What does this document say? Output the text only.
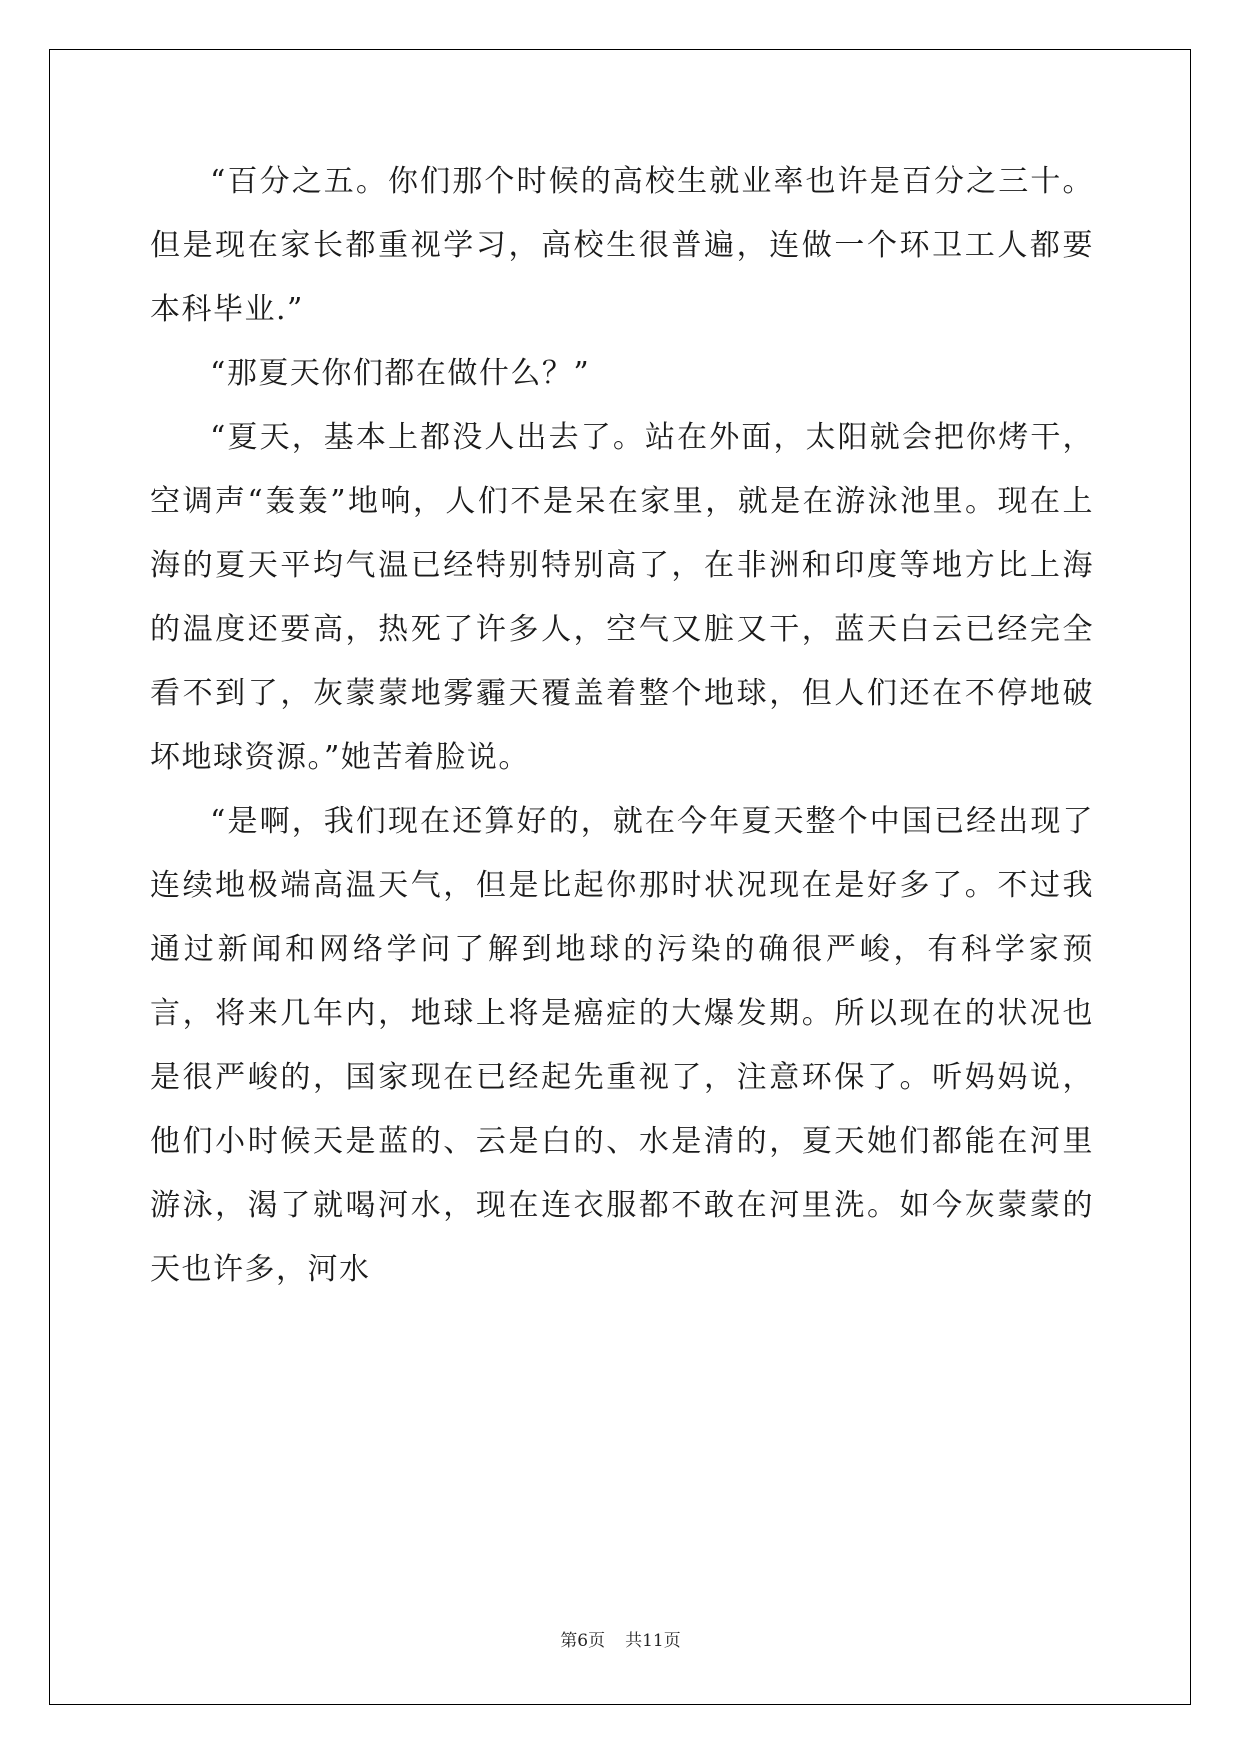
“百分之五。你们那个时候的高校生就业率也许是百分之三十。但是现在家长都重视学习，高校生很普遍，连做一个环卫工人都要本科毕业.”

“那夏天你们都在做什么？”

“夏天，基本上都没人出去了。站在外面，太阳就会把你烤干，空调声“轰轰”地响，人们不是呆在家里，就是在游泳池里。现在上海的夏天平均气温已经特别特别高了，在非洲和印度等地方比上海的温度还要高，热死了许多人，空气又脏又干，蓝天白云已经完全看不到了，灰蒙蒙地雾霾天覆盖着整个地球，但人们还在不停地破坏地球资源。”她苦着脸说。

“是啊，我们现在还算好的，就在今年夏天整个中国已经出现了连续地极端高温天气，但是比起你那时状况现在是好多了。不过我通过新闻和网络学问了解到地球的污染的确很严峻，有科学家预言，将来几年内，地球上将是癌症的大爆发期。所以现在的状况也是很严峻的，国家现在已经起先重视了，注意环保了。听妈妈说，他们小时候天是蓝的、云是白的、水是清的，夏天她们都能在河里游泳，渴了就喝河水，现在连衣服都不敢在河里洗。如今灰蒙蒙的天也许多，河水

第6页 共11页
